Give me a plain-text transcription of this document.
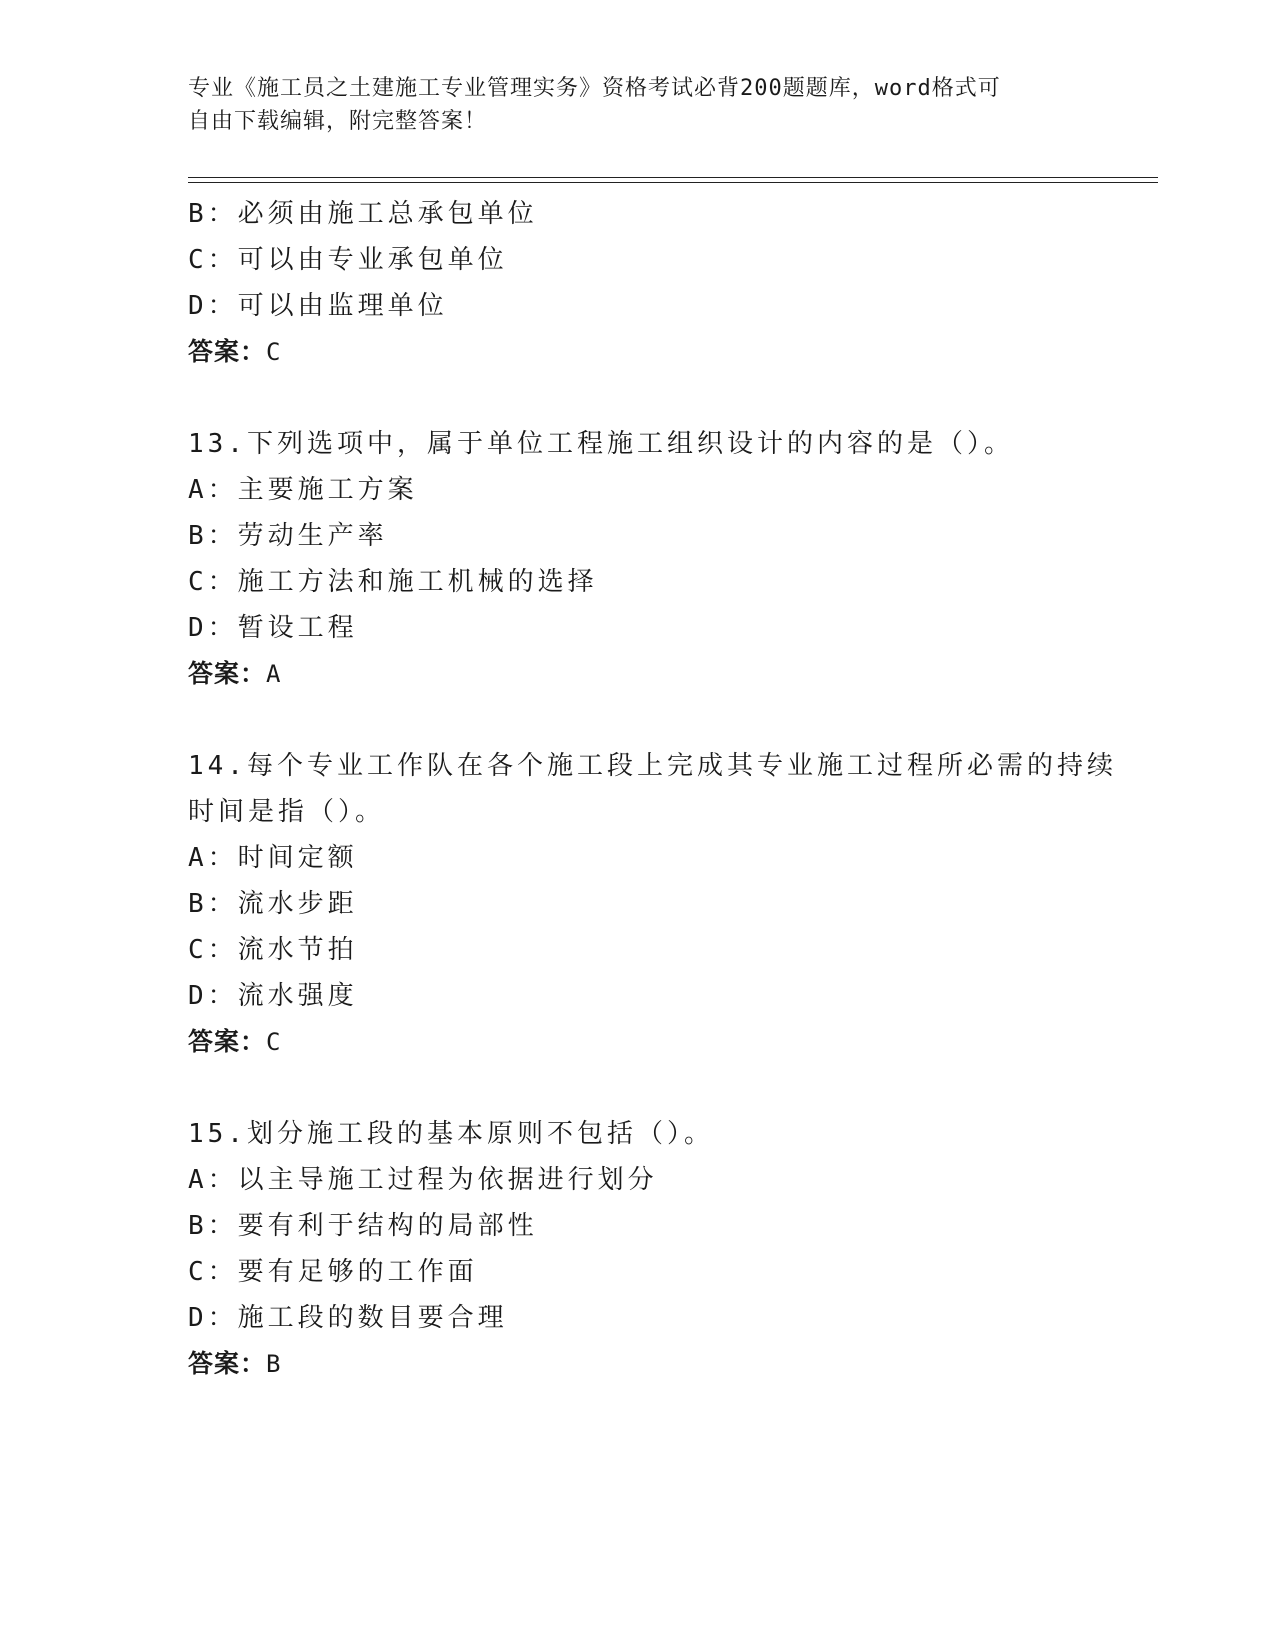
专业《施工员之土建施工专业管理实务》资格考试必背200题题库，word格式可
自由下载编辑，附完整答案！
B：必须由施工总承包单位
C：可以由专业承包单位
D：可以由监理单位
答案：C
13.下列选项中，属于单位工程施工组织设计的内容的是（）。
A：主要施工方案
B：劳动生产率
C：施工方法和施工机械的选择
D：暂设工程
答案：A
14.每个专业工作队在各个施工段上完成其专业施工过程所必需的持续
时间是指（）。
A：时间定额
B：流水步距
C：流水节拍
D：流水强度
答案：C
15.划分施工段的基本原则不包括（）。
A：以主导施工过程为依据进行划分
B：要有利于结构的局部性
C：要有足够的工作面
D：施工段的数目要合理
答案：B
